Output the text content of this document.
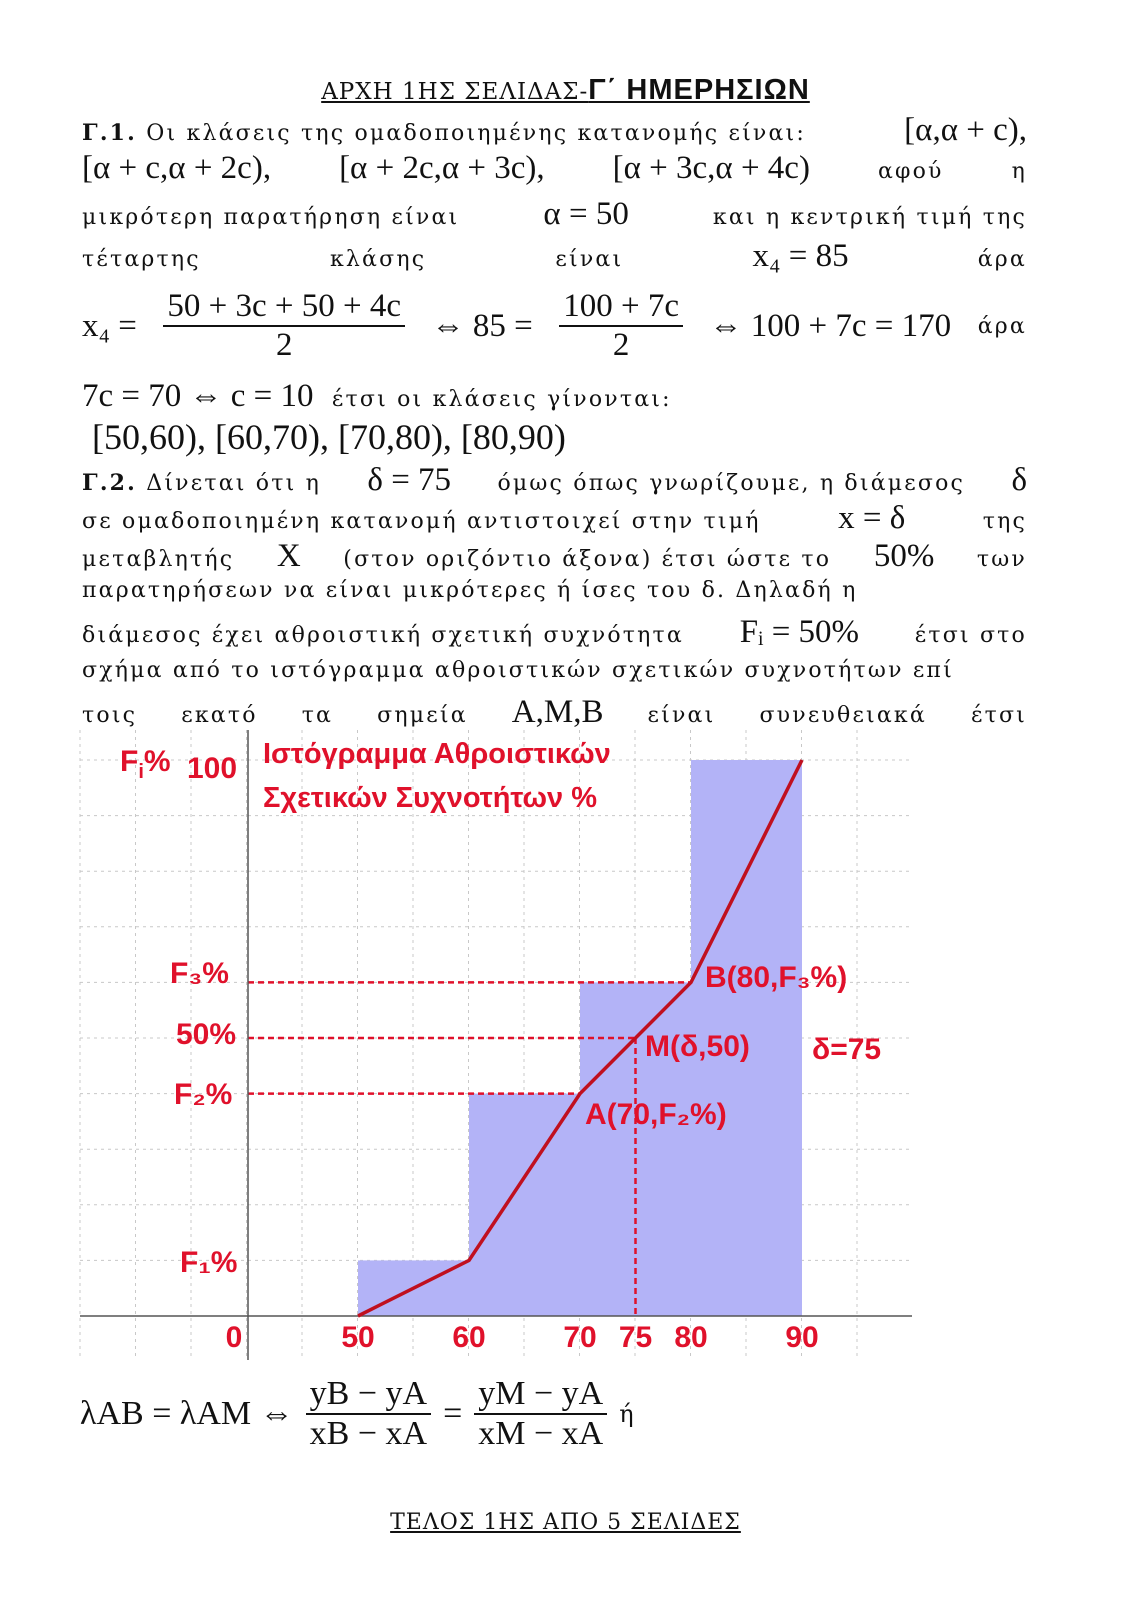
ΑΡΧΗ 1ΗΣ ΣΕΛΙΔΑΣ-Γ΄ ΗΜΕΡΗΣΙΩΝ
Γ.1. Οι κλάσεις της ομαδοποιημένης κατανομής είναι:	[α,α + c),
[α + c,α + 2c), [α + 2c,α + 3c), [α + 3c,α + 4c)	αφού	η
μικρότερη παρατήρηση είναι	α = 50	και η κεντρική τιμή της
τέταρτης	κλάσης	είναι	x₄ = 85	άρα
$x_4 = \frac{50 + 3c + 50 + 4c}{2}$ ⇔ $85 = \frac{100 + 7c}{2}$ ⇔ 100 + 7c = 170 άρα
7c = 70 ⇔ c = 10 έτσι οι κλάσεις γίνονται:
[50,60), [60,70), [70,80), [80,90)
Γ.2. Δίνεται ότι η δ = 75 όμως όπως γνωρίζουμε, η διάμεσος δ
σε ομαδοποιημένη κατανομή αντιστοιχεί στην τιμή x = δ	της
μεταβλητής X (στον οριζόντιο άξονα) έτσι ώστε το 50% των
παρατηρήσεων να είναι μικρότερες ή ίσες του δ. Δηλαδή η
διάμεσος έχει αθροιστική σχετική συχνότητα Fᵢ = 50%	έτσι στο
σχήμα από το ιστόγραμμα αθροιστικών σχετικών συχνοτήτων επί
τοις εκατό τα σημεία A,M,B είναι συνευθειακά έτσι
0	50	60	70 75 80	90
Ιστόγραμμα Αθροιστικών
Σχετικών Συχνοτήτων %
$F_i\%$ 100
F₃%
50%
F₂%
F₁%
B(80,F₃%)
M(δ,50) δ=75
A(70,F₂%)
λAB = λAM ⇔ $\frac{yB - yA}{xB - xA} = \frac{yM - yA}{xM - xA}$ ή
ΤΕΛΟΣ 1ΗΣ ΑΠΟ 5 ΣΕΛΙΔΕΣ
